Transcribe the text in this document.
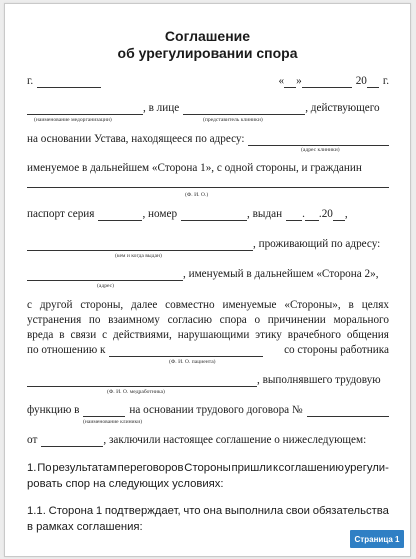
Соглашение
об урегулировании спора
г.	« »	20 г.
, в лице	, действующего
(наименование медорганизации)	(представитель клиники)
на основании Устава, находящееся по адресу:
(адрес клиники)
именуемое в дальнейшем «Сторона 1», с одной стороны, и гражданин
(Ф. И. О.)
паспорт серия	, номер	, выдан . . 20 ,
, проживающий по адресу:
(кем и когда выдан)
, именуемый в дальнейшем «Сторона 2»,
(адрес)
с другой стороны, далее совместно именуемые «Стороны», в целях
устранения по взаимному согласию спора о причинении морального
вреда в связи с действиями, нарушающими этику врачебного общения
по отношению к	со стороны работника
(Ф. И. О. пациента)
, выполнявшего трудовую
(Ф. И. О. медработника)
функцию в	на основании трудового договора №
(наименование клиники)
от	, заключили настоящее соглашение о нижеследующем:
1. По результатам переговоров Стороны пришли к соглашению урегули-
ровать спор на следующих условиях:
1.1. Сторона 1 подтверждает, что она выполнила свои обязательства
в рамках соглашения:
Страница 1
